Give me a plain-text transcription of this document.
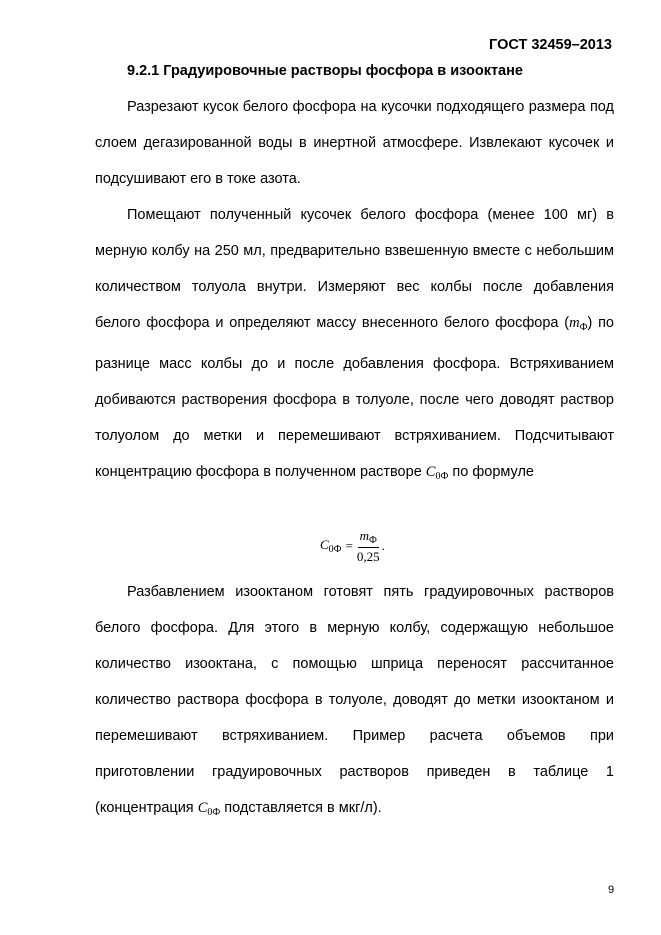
ГОСТ 32459–2013
9.2.1 Градуировочные растворы фосфора в изооктане

Разрезают кусок белого фосфора на кусочки подходящего размера под слоем дегазированной воды в инертной атмосфере. Извлекают кусочек и подсушивают его в токе азота.

Помещают полученный кусочек белого фосфора (менее 100 мг) в мерную колбу на 250 мл, предварительно взвешенную вместе с небольшим количеством толуола внутри. Измеряют вес колбы после добавления белого фосфора и определяют массу внесенного белого фосфора $(m_Ф)$ по разнице масс колбы до и после добавления фосфора. Встряхиванием добиваются растворения фосфора в толуоле, после чего доводят раствор толуолом до метки и перемешивают встряхиванием. Подсчитывают концентрацию фосфора в полученном растворе $C_{0Ф}$ по формуле

$C_{0Ф} = \frac{m_Ф}{0,25}$ .

Разбавлением изооктаном готовят пять градуировочных растворов белого фосфора. Для этого в мерную колбу, содержащую небольшое количество изооктана, с помощью шприца переносят рассчитанное количество раствора фосфора в толуоле, доводят до метки изооктаном и перемешивают встряхиванием. Пример расчета объемов при приготовлении градуировочных растворов приведен в таблице 1 (концентрация $C_{0Ф}$ подставляется в мкг/л).

9
